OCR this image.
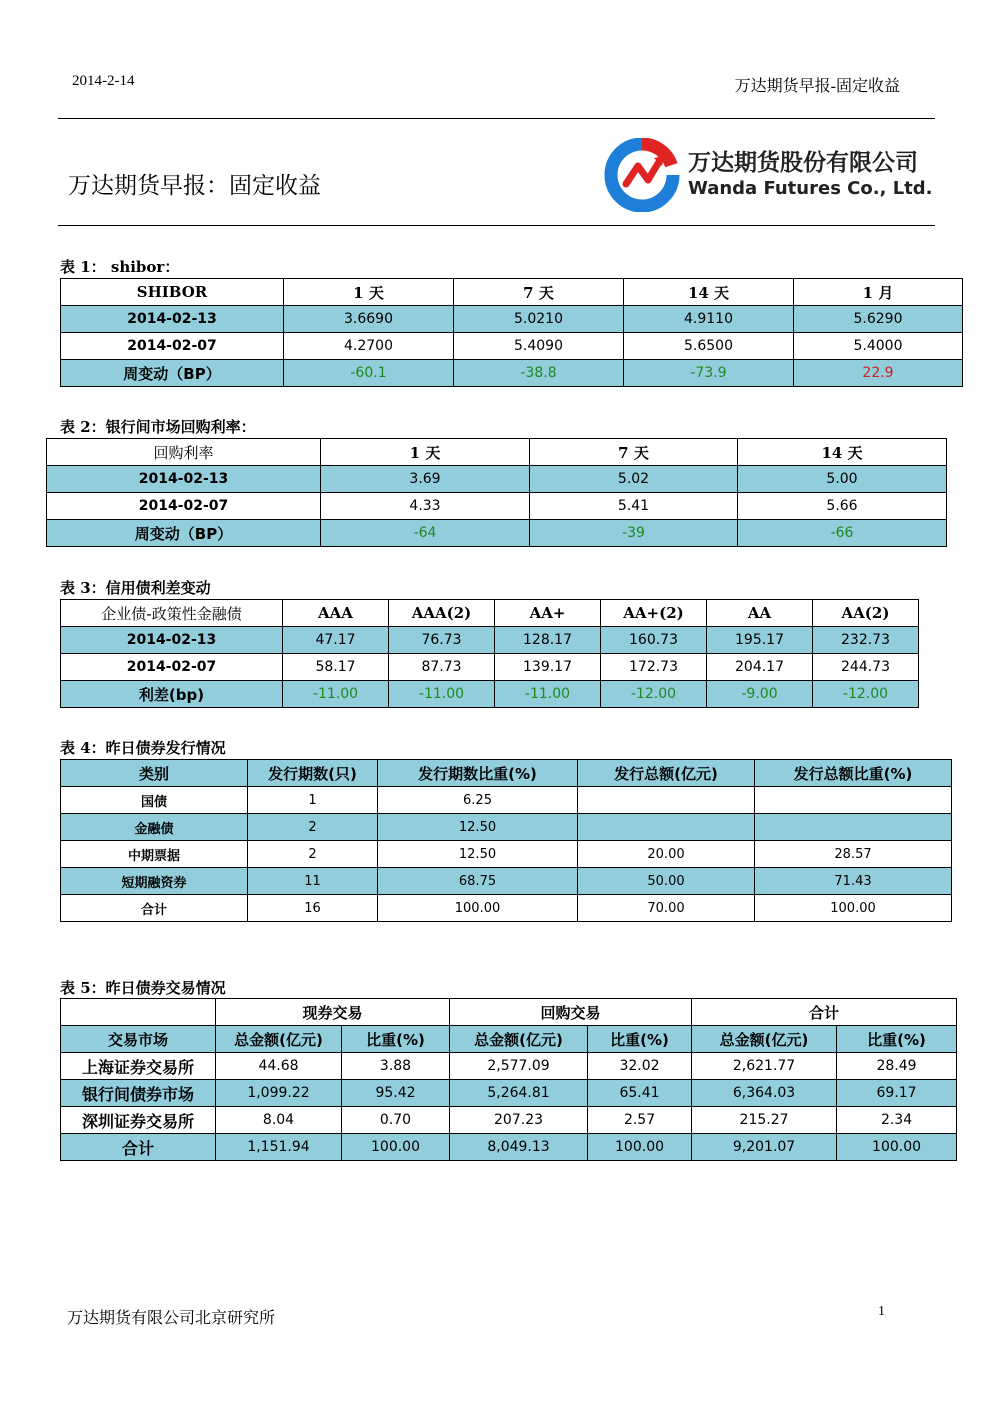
2014-2-14	万达期货早报-固定收益
万达期货早报：固定收益
万达期货股份有限公司
Wanda Futures Co., Ltd.
表 1： shibor：
SHIBOR	1 天	7 天	14 天	1 月
2014-02-13	3.6690	5.0210	4.9110	5.6290
2014-02-07	4.2700	5.4090	5.6500	5.4000
周变动（BP）	-60.1	-38.8	-73.9	22.9
表 2：银行间市场回购利率：
回购利率	1 天	7 天	14 天
2014-02-13	3.69	5.02	5.00
2014-02-07	4.33	5.41	5.66
周变动（BP）	-64	-39	-66
表 3：信用债利差变动
企业债-政策性金融债	AAA	AAA(2)	AA+	AA+(2)	AA	AA(2)
2014-02-13	47.17	76.73	128.17	160.73	195.17	232.73
2014-02-07	58.17	87.73	139.17	172.73	204.17	244.73
利差(bp)	-11.00	-11.00	-11.00	-12.00	-9.00	-12.00
表 4：昨日债券发行情况
类别	发行期数(只)	发行期数比重(%)	发行总额(亿元)	发行总额比重(%)
国债	1	6.25		
金融债	2	12.50		
中期票据	2	12.50	20.00	28.57
短期融资券	11	68.75	50.00	71.43
合计	16	100.00	70.00	100.00
表 5：昨日债券交易情况
	现券交易		回购交易		合计	
交易市场	总金额(亿元)	比重(%)	总金额(亿元)	比重(%)	总金额(亿元)	比重(%)
上海证券交易所	44.68	3.88	2,577.09	32.02	2,621.77	28.49
银行间债券市场	1,099.22	95.42	5,264.81	65.41	6,364.03	69.17
深圳证券交易所	8.04	0.70	207.23	2.57	215.27	2.34
合计	1,151.94	100.00	8,049.13	100.00	9,201.07	100.00
万达期货有限公司北京研究所	1
